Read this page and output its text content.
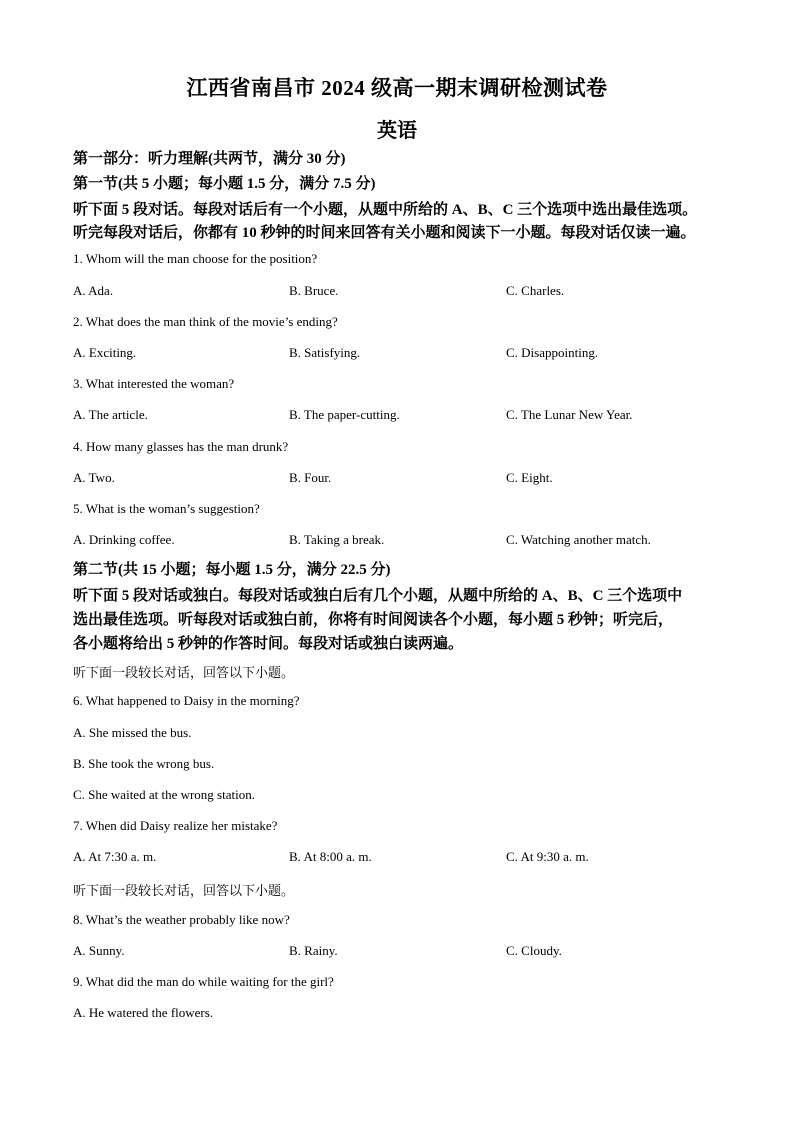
江西省南昌市 2024 级高一期末调研检测试卷
英语
第一部分：听力理解(共两节，满分 30 分)
第一节(共 5 小题；每小题 1.5 分，满分 7.5 分)
听下面 5 段对话。每段对话后有一个小题，从题中所给的 A、B、C 三个选项中选出最佳选项。
听完每段对话后，你都有 10 秒钟的时间来回答有关小题和阅读下一小题。每段对话仅读一遍。
1. Whom will the man choose for the position?
A. Ada.	B. Bruce.	C. Charles.
2. What does the man think of the movie’s ending?
A. Exciting.	B. Satisfying.	C. Disappointing.
3. What interested the woman?
A. The article.	B. The paper-cutting.	C. The Lunar New Year.
4. How many glasses has the man drunk?
A. Two.	B. Four.	C. Eight.
5. What is the woman’s suggestion?
A. Drinking coffee.	B. Taking a break.	C. Watching another match.
第二节(共 15 小题；每小题 1.5 分，满分 22.5 分)
听下面 5 段对话或独白。每段对话或独白后有几个小题，从题中所给的 A、B、C 三个选项中
选出最佳选项。听每段对话或独白前，你将有时间阅读各个小题，每小题 5 秒钟；听完后，
各小题将给出 5 秒钟的作答时间。每段对话或独白读两遍。
听下面一段较长对话，回答以下小题。
6. What happened to Daisy in the morning?
A. She missed the bus.
B. She took the wrong bus.
C. She waited at the wrong station.
7. When did Daisy realize her mistake?
A. At 7:30 a. m.	B. At 8:00 a. m.	C. At 9:30 a. m.
听下面一段较长对话，回答以下小题。
8. What’s the weather probably like now?
A. Sunny.	B. Rainy.	C. Cloudy.
9. What did the man do while waiting for the girl?
A. He watered the flowers.
